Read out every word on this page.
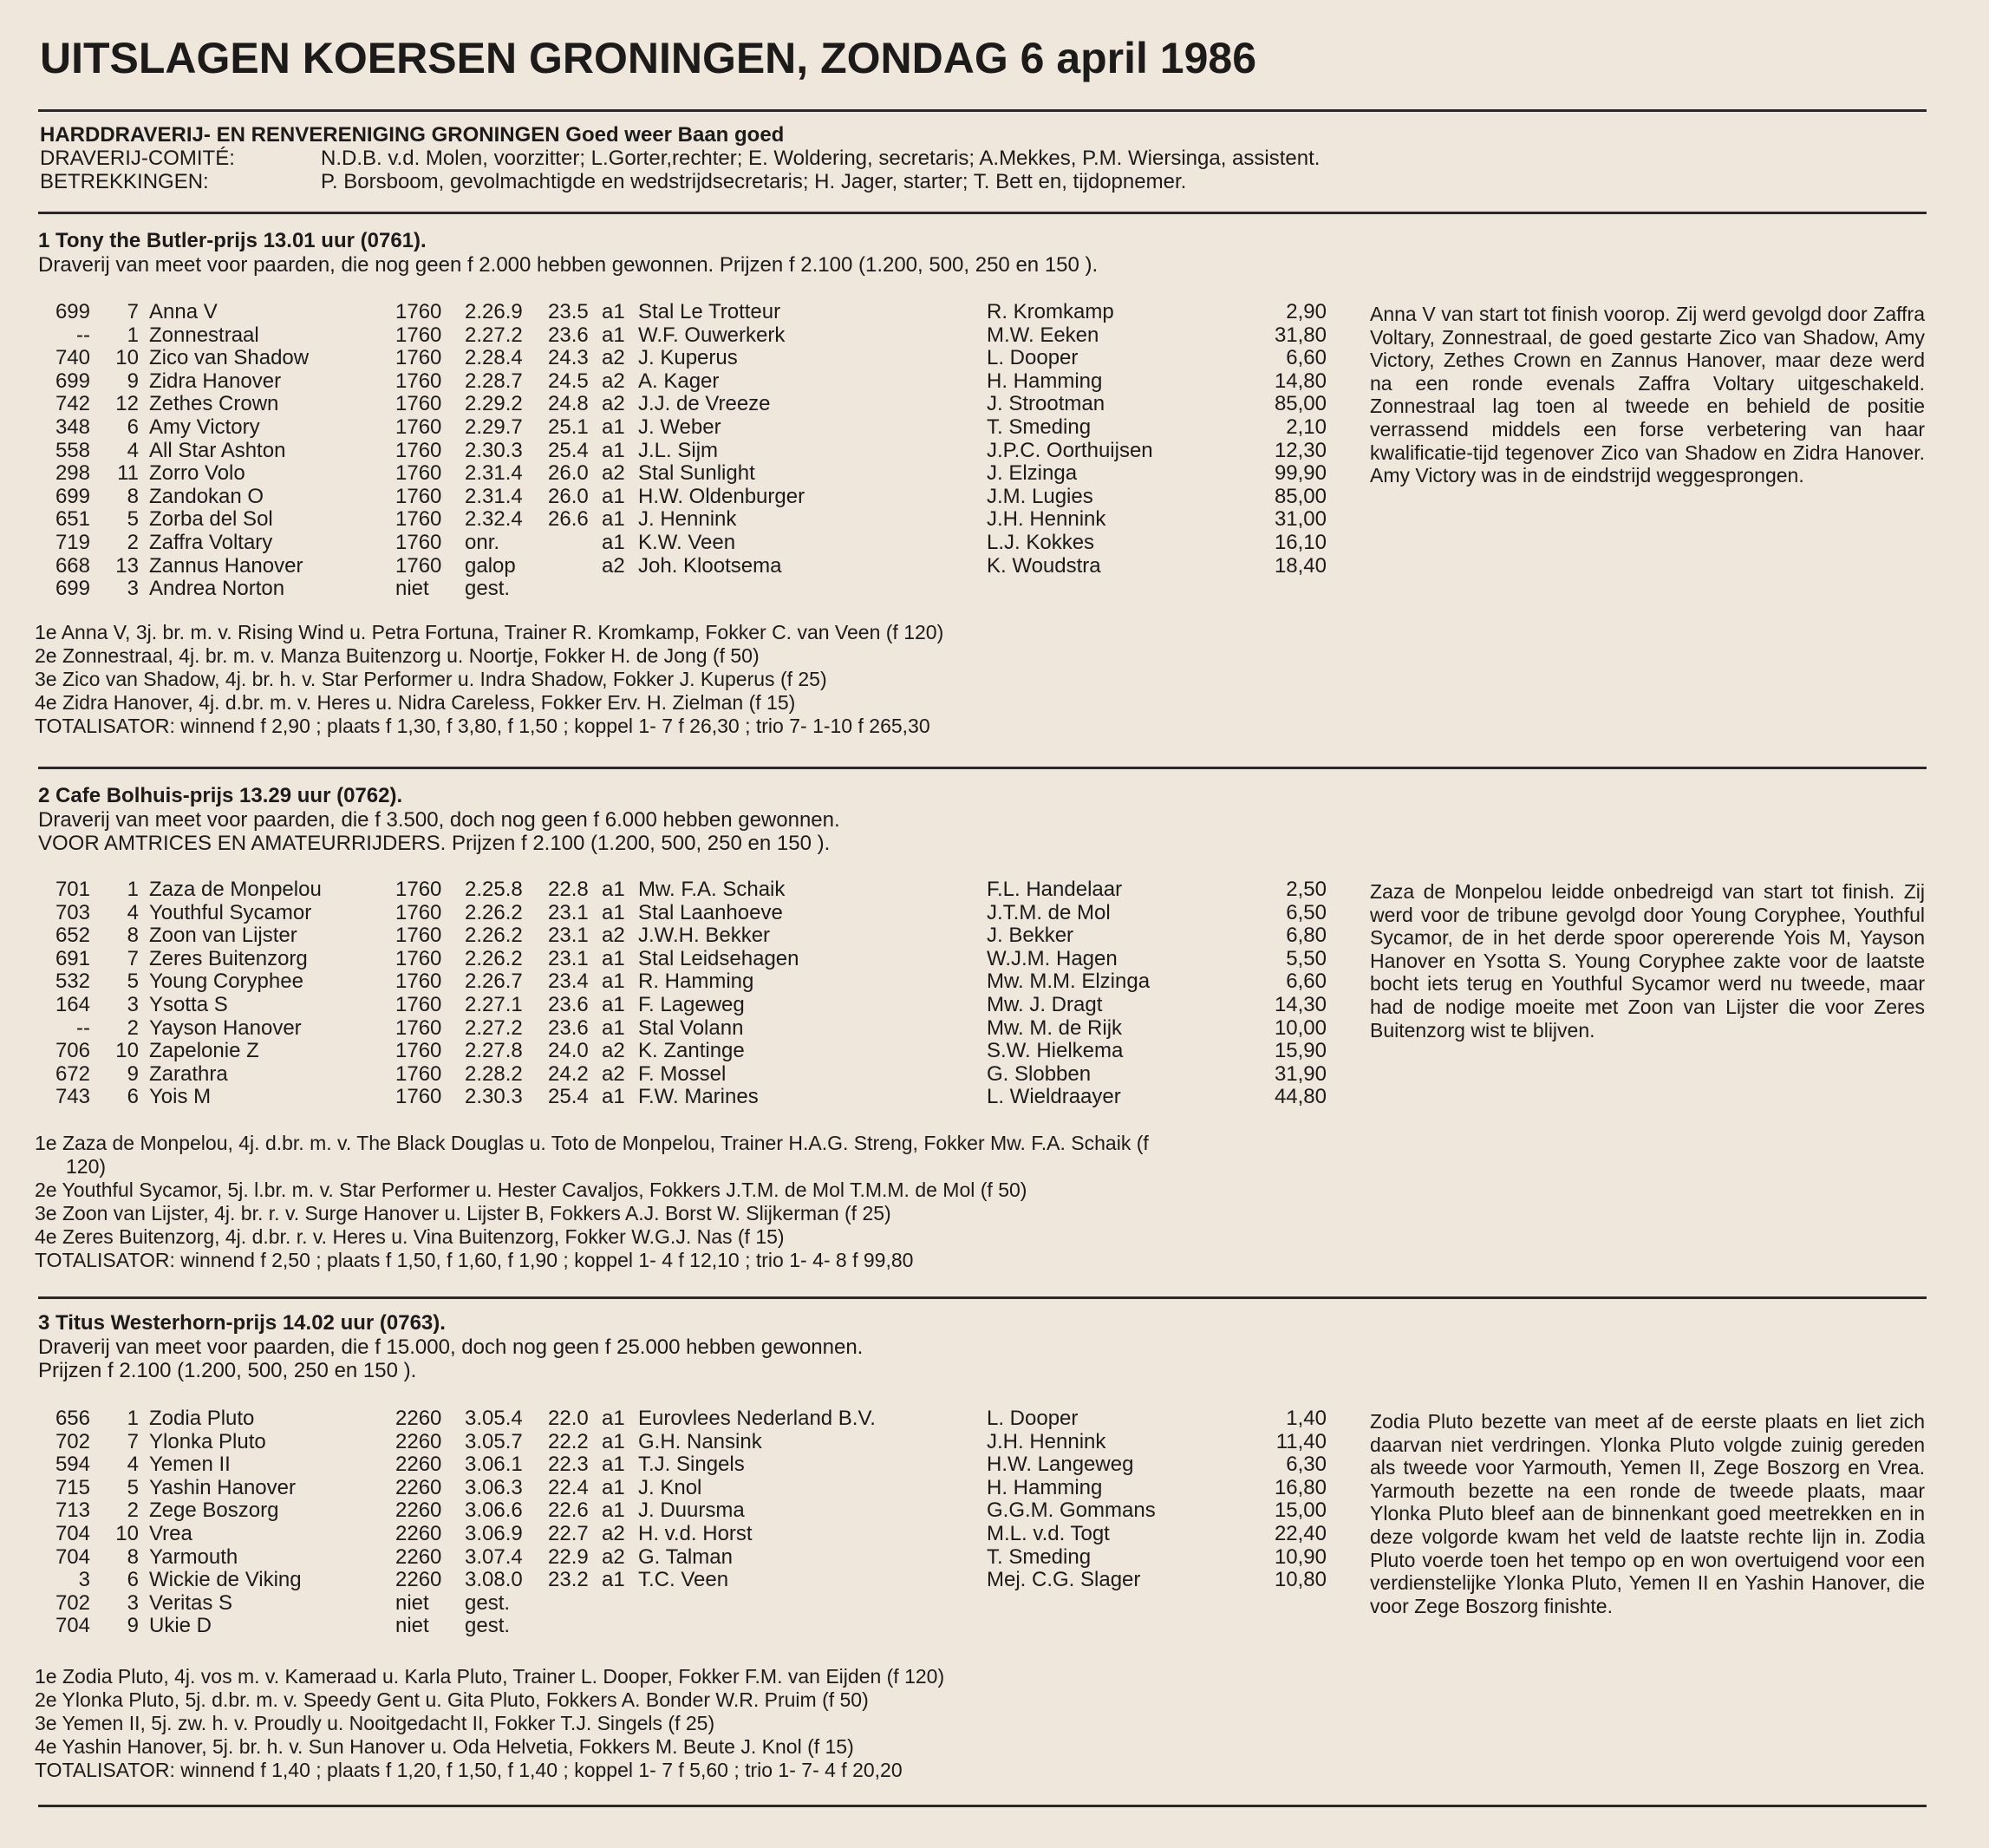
UITSLAGEN KOERSEN GRONINGEN, ZONDAG 6 april 1986
HARDDRAVERIJ- EN RENVERENIGING GRONINGEN Goed weer Baan goed
DRAVERIJ-COMITÉ:	N.D.B. v.d. Molen, voorzitter; L.Gorter,rechter; E. Woldering, secretaris; A.Mekkes, P.M. Wiersinga, assistent.
BETREKKINGEN:	P. Borsboom, gevolmachtigde en wedstrijdsecretaris; H. Jager, starter; T. Bett en, tijdopnemer.
1 Tony the Butler-prijs 13.01 uur (0761).
Draverij van meet voor paarden, die nog geen f 2.000 hebben gewonnen. Prijzen f 2.100 (1.200, 500, 250 en 150 ).
699	7 Anna V	1760 2.26.9 23.5 a1 Stal Le Trotteur	R. Kromkamp	2,90
--	1 Zonnestraal	1760 2.27.2 23.6 a1 W.F. Ouwerkerk	M.W. Eeken	31,80
740	10 Zico van Shadow	1760 2.28.4 24.3 a2 J. Kuperus	L. Dooper	6,60
699	9 Zidra Hanover	1760 2.28.7 24.5 a2 A. Kager	H. Hamming	14,80
742	12 Zethes Crown	1760 2.29.2 24.8 a2 J.J. de Vreeze	J. Strootman	85,00
348	6 Amy Victory	1760 2.29.7 25.1 a1 J. Weber	T. Smeding	2,10
558	4 All Star Ashton	1760 2.30.3 25.4 a1 J.L. Sijm	J.P.C. Oorthuijsen	12,30
298	11 Zorro Volo	1760 2.31.4 26.0 a2 Stal Sunlight	J. Elzinga	99,90
699	8 Zandokan O	1760 2.31.4 26.0 a1 H.W. Oldenburger	J.M. Lugies	85,00
651	5 Zorba del Sol	1760 2.32.4 26.6 a1 J. Hennink	J.H. Hennink	31,00
719	2 Zaffra Voltary	1760 onr.	a1 K.W. Veen	L.J. Kokkes	16,10
668	13 Zannus Hanover	1760 galop	a2 Joh. Klootsema	K. Woudstra	18,40
699	3 Andrea Norton	niet gest.
Anna V van start tot finish voorop. Zij werd gevolgd door Zaffra Voltary, Zonnestraal, de goed gestarte Zico van Shadow, Amy Victory, Zethes Crown en Zannus Hanover, maar deze werd na een ronde evenals Zaffra Voltary uitgeschakeld. Zonnestraal lag toen al tweede en behield de positie verrassend middels een forse verbetering van haar kwalificatie-tijd tegenover Zico van Shadow en Zidra Hanover. Amy Victory was in de eindstrijd weggesprongen.
1e Anna V, 3j. br. m. v. Rising Wind u. Petra Fortuna, Trainer R. Kromkamp, Fokker C. van Veen (f 120)
2e Zonnestraal, 4j. br. m. v. Manza Buitenzorg u. Noortje, Fokker H. de Jong (f 50)
3e Zico van Shadow, 4j. br. h. v. Star Performer u. Indra Shadow, Fokker J. Kuperus (f 25)
4e Zidra Hanover, 4j. d.br. m. v. Heres u. Nidra Careless, Fokker Erv. H. Zielman (f 15)
TOTALISATOR: winnend f 2,90 ; plaats f 1,30, f 3,80, f 1,50 ; koppel 1- 7 f 26,30 ; trio 7- 1-10 f 265,30
2 Cafe Bolhuis-prijs 13.29 uur (0762).
Draverij van meet voor paarden, die f 3.500, doch nog geen f 6.000 hebben gewonnen.
VOOR AMTRICES EN AMATEURRIJDERS. Prijzen f 2.100 (1.200, 500, 250 en 150 ).
701	1 Zaza de Monpelou	1760 2.25.8 22.8 a1 Mw. F.A. Schaik	F.L. Handelaar	2,50
703	4 Youthful Sycamor	1760 2.26.2 23.1 a1 Stal Laanhoeve	J.T.M. de Mol	6,50
652	8 Zoon van Lijster	1760 2.26.2 23.1 a2 J.W.H. Bekker	J. Bekker	6,80
691	7 Zeres Buitenzorg	1760 2.26.2 23.1 a1 Stal Leidsehagen	W.J.M. Hagen	5,50
532	5 Young Coryphee	1760 2.26.7 23.4 a1 R. Hamming	Mw. M.M. Elzinga	6,60
164	3 Ysotta S	1760 2.27.1 23.6 a1 F. Lageweg	Mw. J. Dragt	14,30
--	2 Yayson Hanover	1760 2.27.2 23.6 a1 Stal Volann	Mw. M. de Rijk	10,00
706	10 Zapelonie Z	1760 2.27.8 24.0 a2 K. Zantinge	S.W. Hielkema	15,90
672	9 Zarathra	1760 2.28.2 24.2 a2 F. Mossel	G. Slobben	31,90
743	6 Yois M	1760 2.30.3 25.4 a1 F.W. Marines	L. Wieldraayer	44,80
Zaza de Monpelou leidde onbedreigd van start tot finish. Zij werd voor de tribune gevolgd door Young Coryphee, Youthful Sycamor, de in het derde spoor opererende Yois M, Yayson Hanover en Ysotta S. Young Coryphee zakte voor de laatste bocht iets terug en Youthful Sycamor werd nu tweede, maar had de nodige moeite met Zoon van Lijster die voor Zeres Buitenzorg wist te blijven.
1e Zaza de Monpelou, 4j. d.br. m. v. The Black Douglas u. Toto de Monpelou, Trainer H.A.G. Streng, Fokker Mw. F.A. Schaik (f
120)
2e Youthful Sycamor, 5j. l.br. m. v. Star Performer u. Hester Cavaljos, Fokkers J.T.M. de Mol T.M.M. de Mol (f 50)
3e Zoon van Lijster, 4j. br. r. v. Surge Hanover u. Lijster B, Fokkers A.J. Borst W. Slijkerman (f 25)
4e Zeres Buitenzorg, 4j. d.br. r. v. Heres u. Vina Buitenzorg, Fokker W.G.J. Nas (f 15)
TOTALISATOR: winnend f 2,50 ; plaats f 1,50, f 1,60, f 1,90 ; koppel 1- 4 f 12,10 ; trio 1- 4- 8 f 99,80
3 Titus Westerhorn-prijs 14.02 uur (0763).
Draverij van meet voor paarden, die f 15.000, doch nog geen f 25.000 hebben gewonnen.
Prijzen f 2.100 (1.200, 500, 250 en 150 ).
656	1 Zodia Pluto	2260 3.05.4 22.0 a1 Eurovlees Nederland B.V.	L. Dooper	1,40
702	7 Ylonka Pluto	2260 3.05.7 22.2 a1 G.H. Nansink	J.H. Hennink	11,40
594	4 Yemen II	2260 3.06.1 22.3 a1 T.J. Singels	H.W. Langeweg	6,30
715	5 Yashin Hanover	2260 3.06.3 22.4 a1 J. Knol	H. Hamming	16,80
713	2 Zege Boszorg	2260 3.06.6 22.6 a1 J. Duursma	G.G.M. Gommans	15,00
704	10 Vrea	2260 3.06.9 22.7 a2 H. v.d. Horst	M.L. v.d. Togt	22,40
704	8 Yarmouth	2260 3.07.4 22.9 a2 G. Talman	T. Smeding	10,90
3	6 Wickie de Viking	2260 3.08.0 23.2 a1 T.C. Veen	Mej. C.G. Slager	10,80
702	3 Veritas S	niet gest.
704	9 Ukie D	niet gest.
Zodia Pluto bezette van meet af de eerste plaats en liet zich daarvan niet verdringen. Ylonka Pluto volgde zuinig gereden als tweede voor Yarmouth, Yemen II, Zege Boszorg en Vrea. Yarmouth bezette na een ronde de tweede plaats, maar Ylonka Pluto bleef aan de binnenkant goed meetrekken en in deze volgorde kwam het veld de laatste rechte lijn in. Zodia Pluto voerde toen het tempo op en won overtuigend voor een verdienstelijke Ylonka Pluto, Yemen II en Yashin Hanover, die voor Zege Boszorg finishte.
1e Zodia Pluto, 4j. vos m. v. Kameraad u. Karla Pluto, Trainer L. Dooper, Fokker F.M. van Eijden (f 120)
2e Ylonka Pluto, 5j. d.br. m. v. Speedy Gent u. Gita Pluto, Fokkers A. Bonder W.R. Pruim (f 50)
3e Yemen II, 5j. zw. h. v. Proudly u. Nooitgedacht II, Fokker T.J. Singels (f 25)
4e Yashin Hanover, 5j. br. h. v. Sun Hanover u. Oda Helvetia, Fokkers M. Beute J. Knol (f 15)
TOTALISATOR: winnend f 1,40 ; plaats f 1,20, f 1,50, f 1,40 ; koppel 1- 7 f 5,60 ; trio 1- 7- 4 f 20,20
